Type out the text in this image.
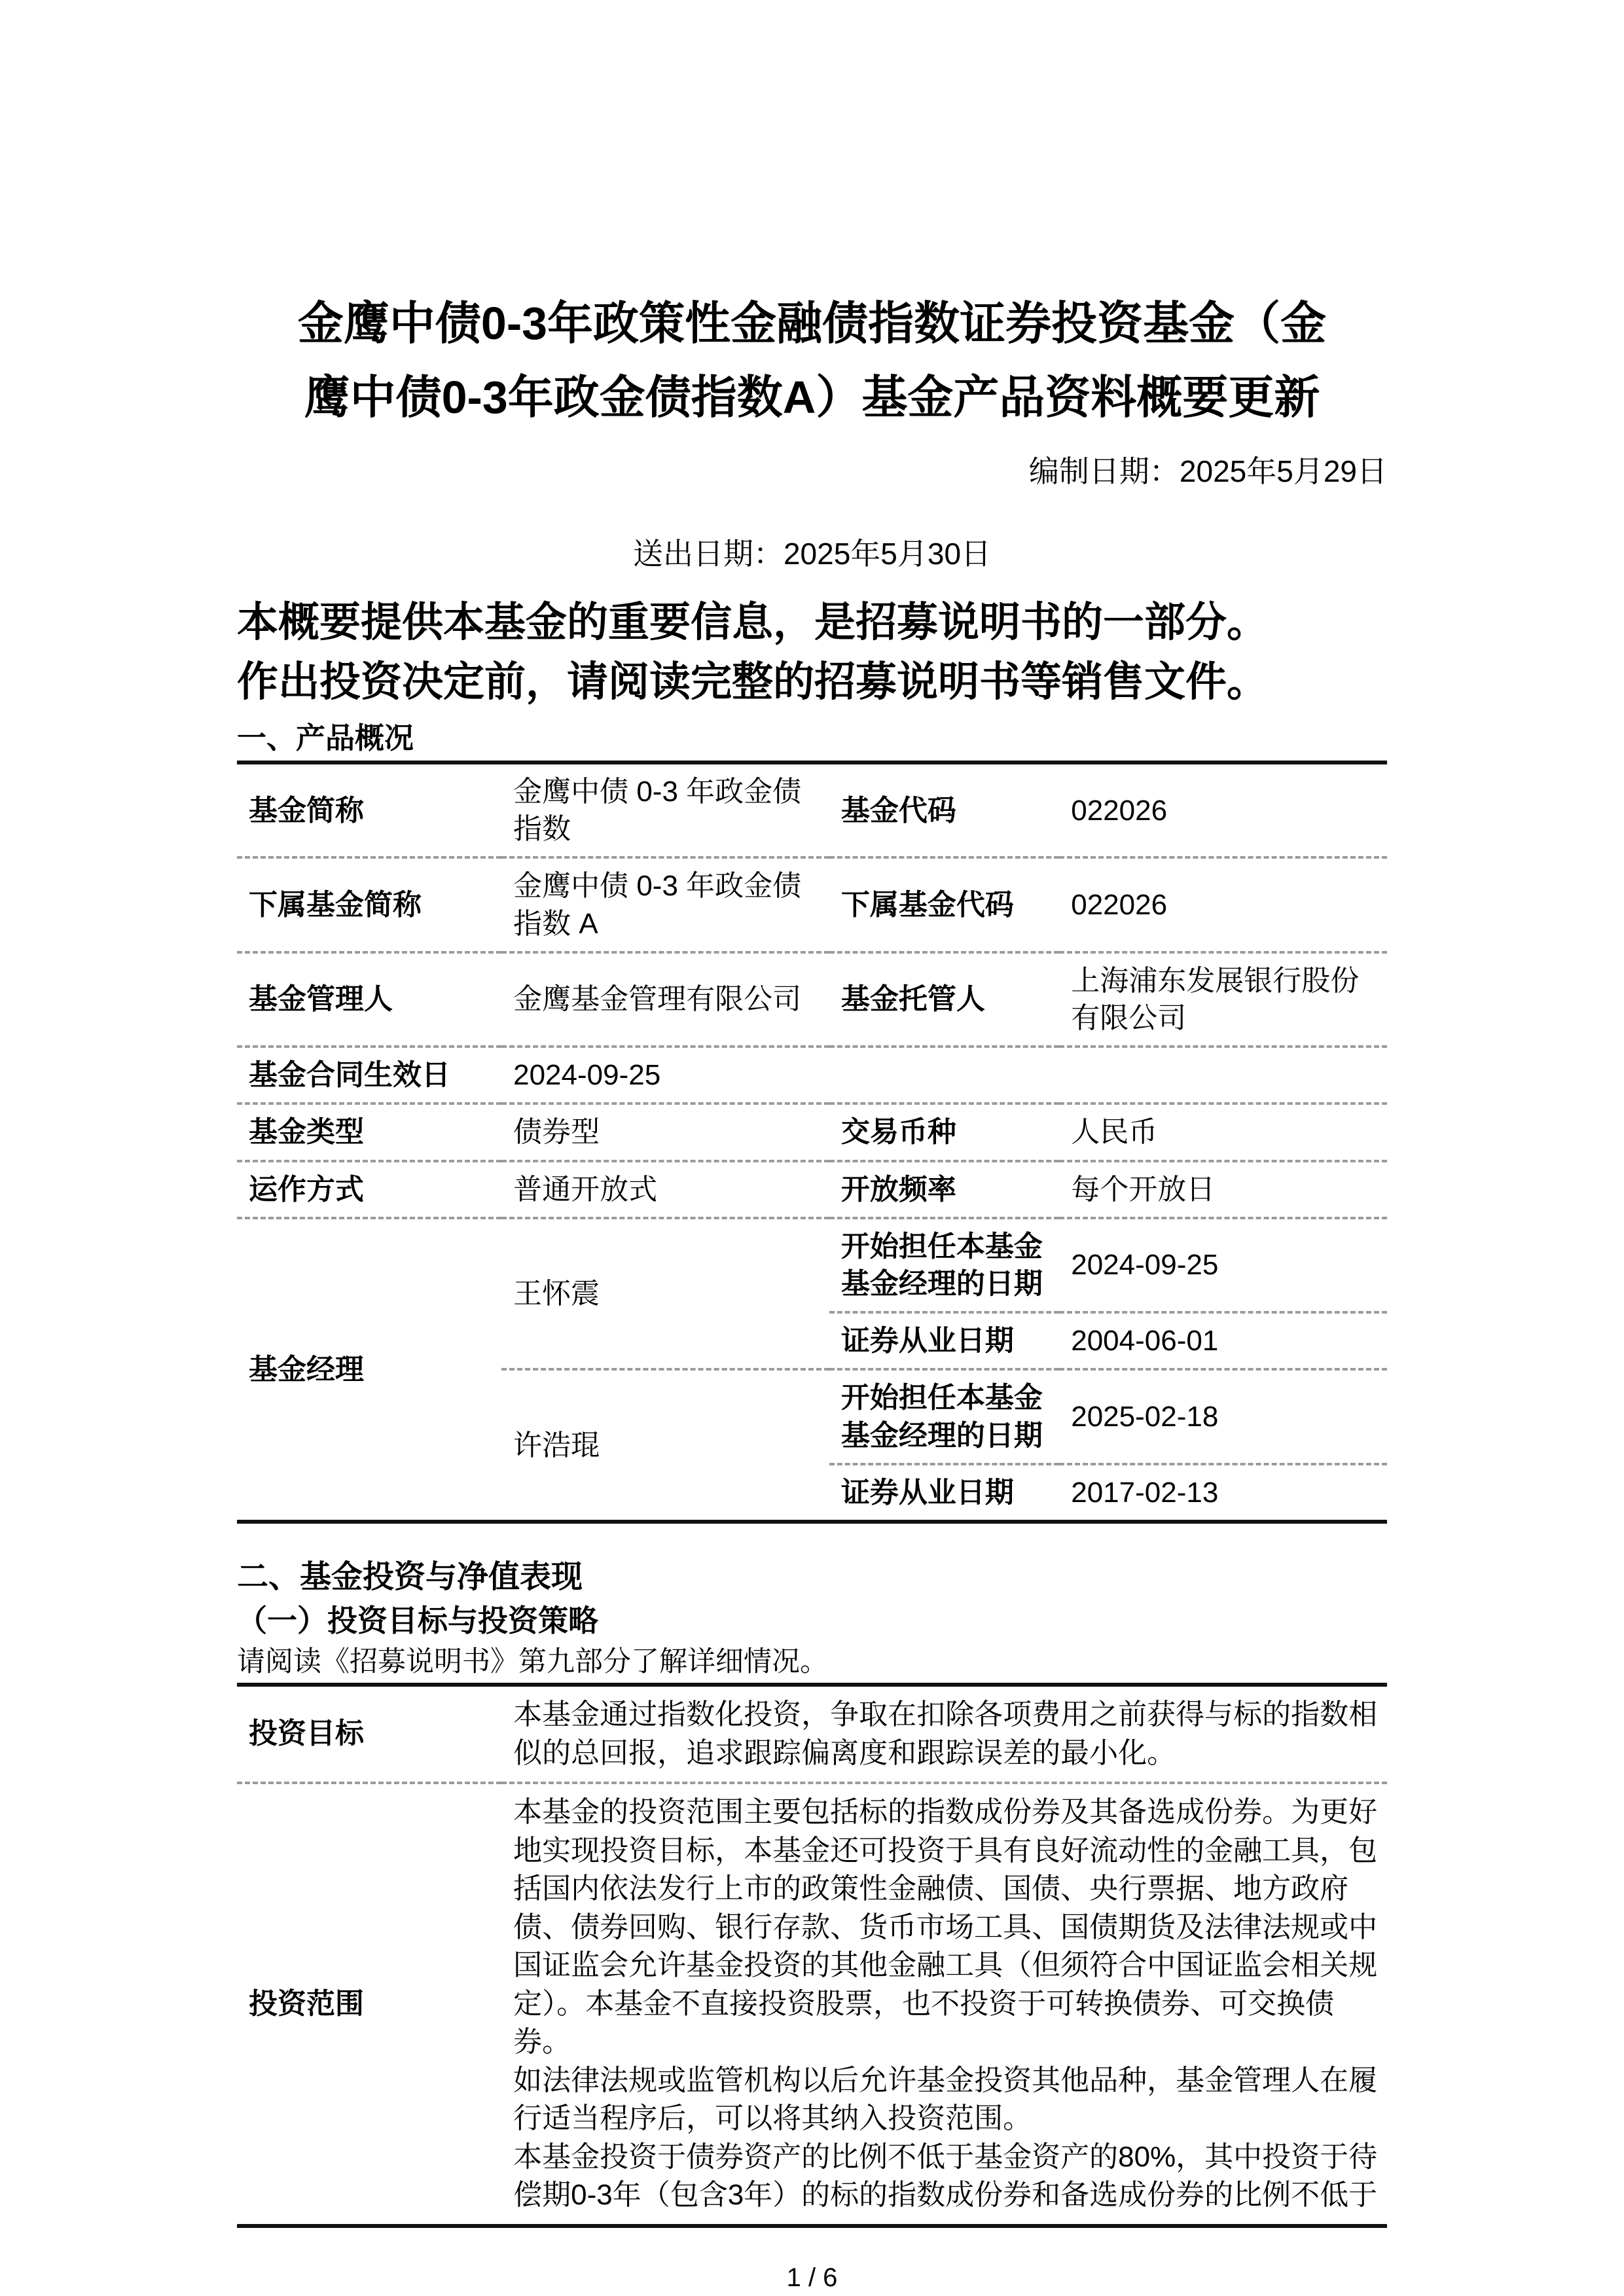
金鹰中债0-3年政策性金融债指数证券投资基金（金
鹰中债0-3年政金债指数A）基金产品资料概要更新
编制日期：2025年5月29日
送出日期：2025年5月30日

本概要提供本基金的重要信息，是招募说明书的一部分。
作出投资决定前，请阅读完整的招募说明书等销售文件。

一、产品概况
基金简称	金鹰中债 0-3 年政金债指数	基金代码	022026
下属基金简称	金鹰中债 0-3 年政金债指数 A	下属基金代码	022026
基金管理人	金鹰基金管理有限公司	基金托管人	上海浦东发展银行股份有限公司
基金合同生效日	2024-09-25		
基金类型	债券型	交易币种	人民币
运作方式	普通开放式	开放频率	每个开放日
基金经理	王怀震	开始担任本基金基金经理的日期	2024-09-25
		证券从业日期	2004-06-01
	许浩琨	开始担任本基金基金经理的日期	2025-02-18
		证券从业日期	2017-02-13
二、基金投资与净值表现
（一）投资目标与投资策略
请阅读《招募说明书》第九部分了解详细情况。
投资目标	本基金通过指数化投资，争取在扣除各项费用之前获得与标的指数相似的总回报，追求跟踪偏离度和跟踪误差的最小化。
投资范围	本基金的投资范围主要包括标的指数成份券及其备选成份券。为更好地实现投资目标，本基金还可投资于具有良好流动性的金融工具，包括国内依法发行上市的政策性金融债、国债、央行票据、地方政府债、债券回购、银行存款、货币市场工具、国债期货及法律法规或中国证监会允许基金投资的其他金融工具（但须符合中国证监会相关规定）。本基金不直接投资股票，也不投资于可转换债券、可交换债券。

如法律法规或监管机构以后允许基金投资其他品种，基金管理人在履行适当程序后，可以将其纳入投资范围。

本基金投资于债券资产的比例不低于基金资产的80%，其中投资于待偿期0-3年（包含3年）的标的指数成份券和备选成份券的比例不低于

1 / 6
